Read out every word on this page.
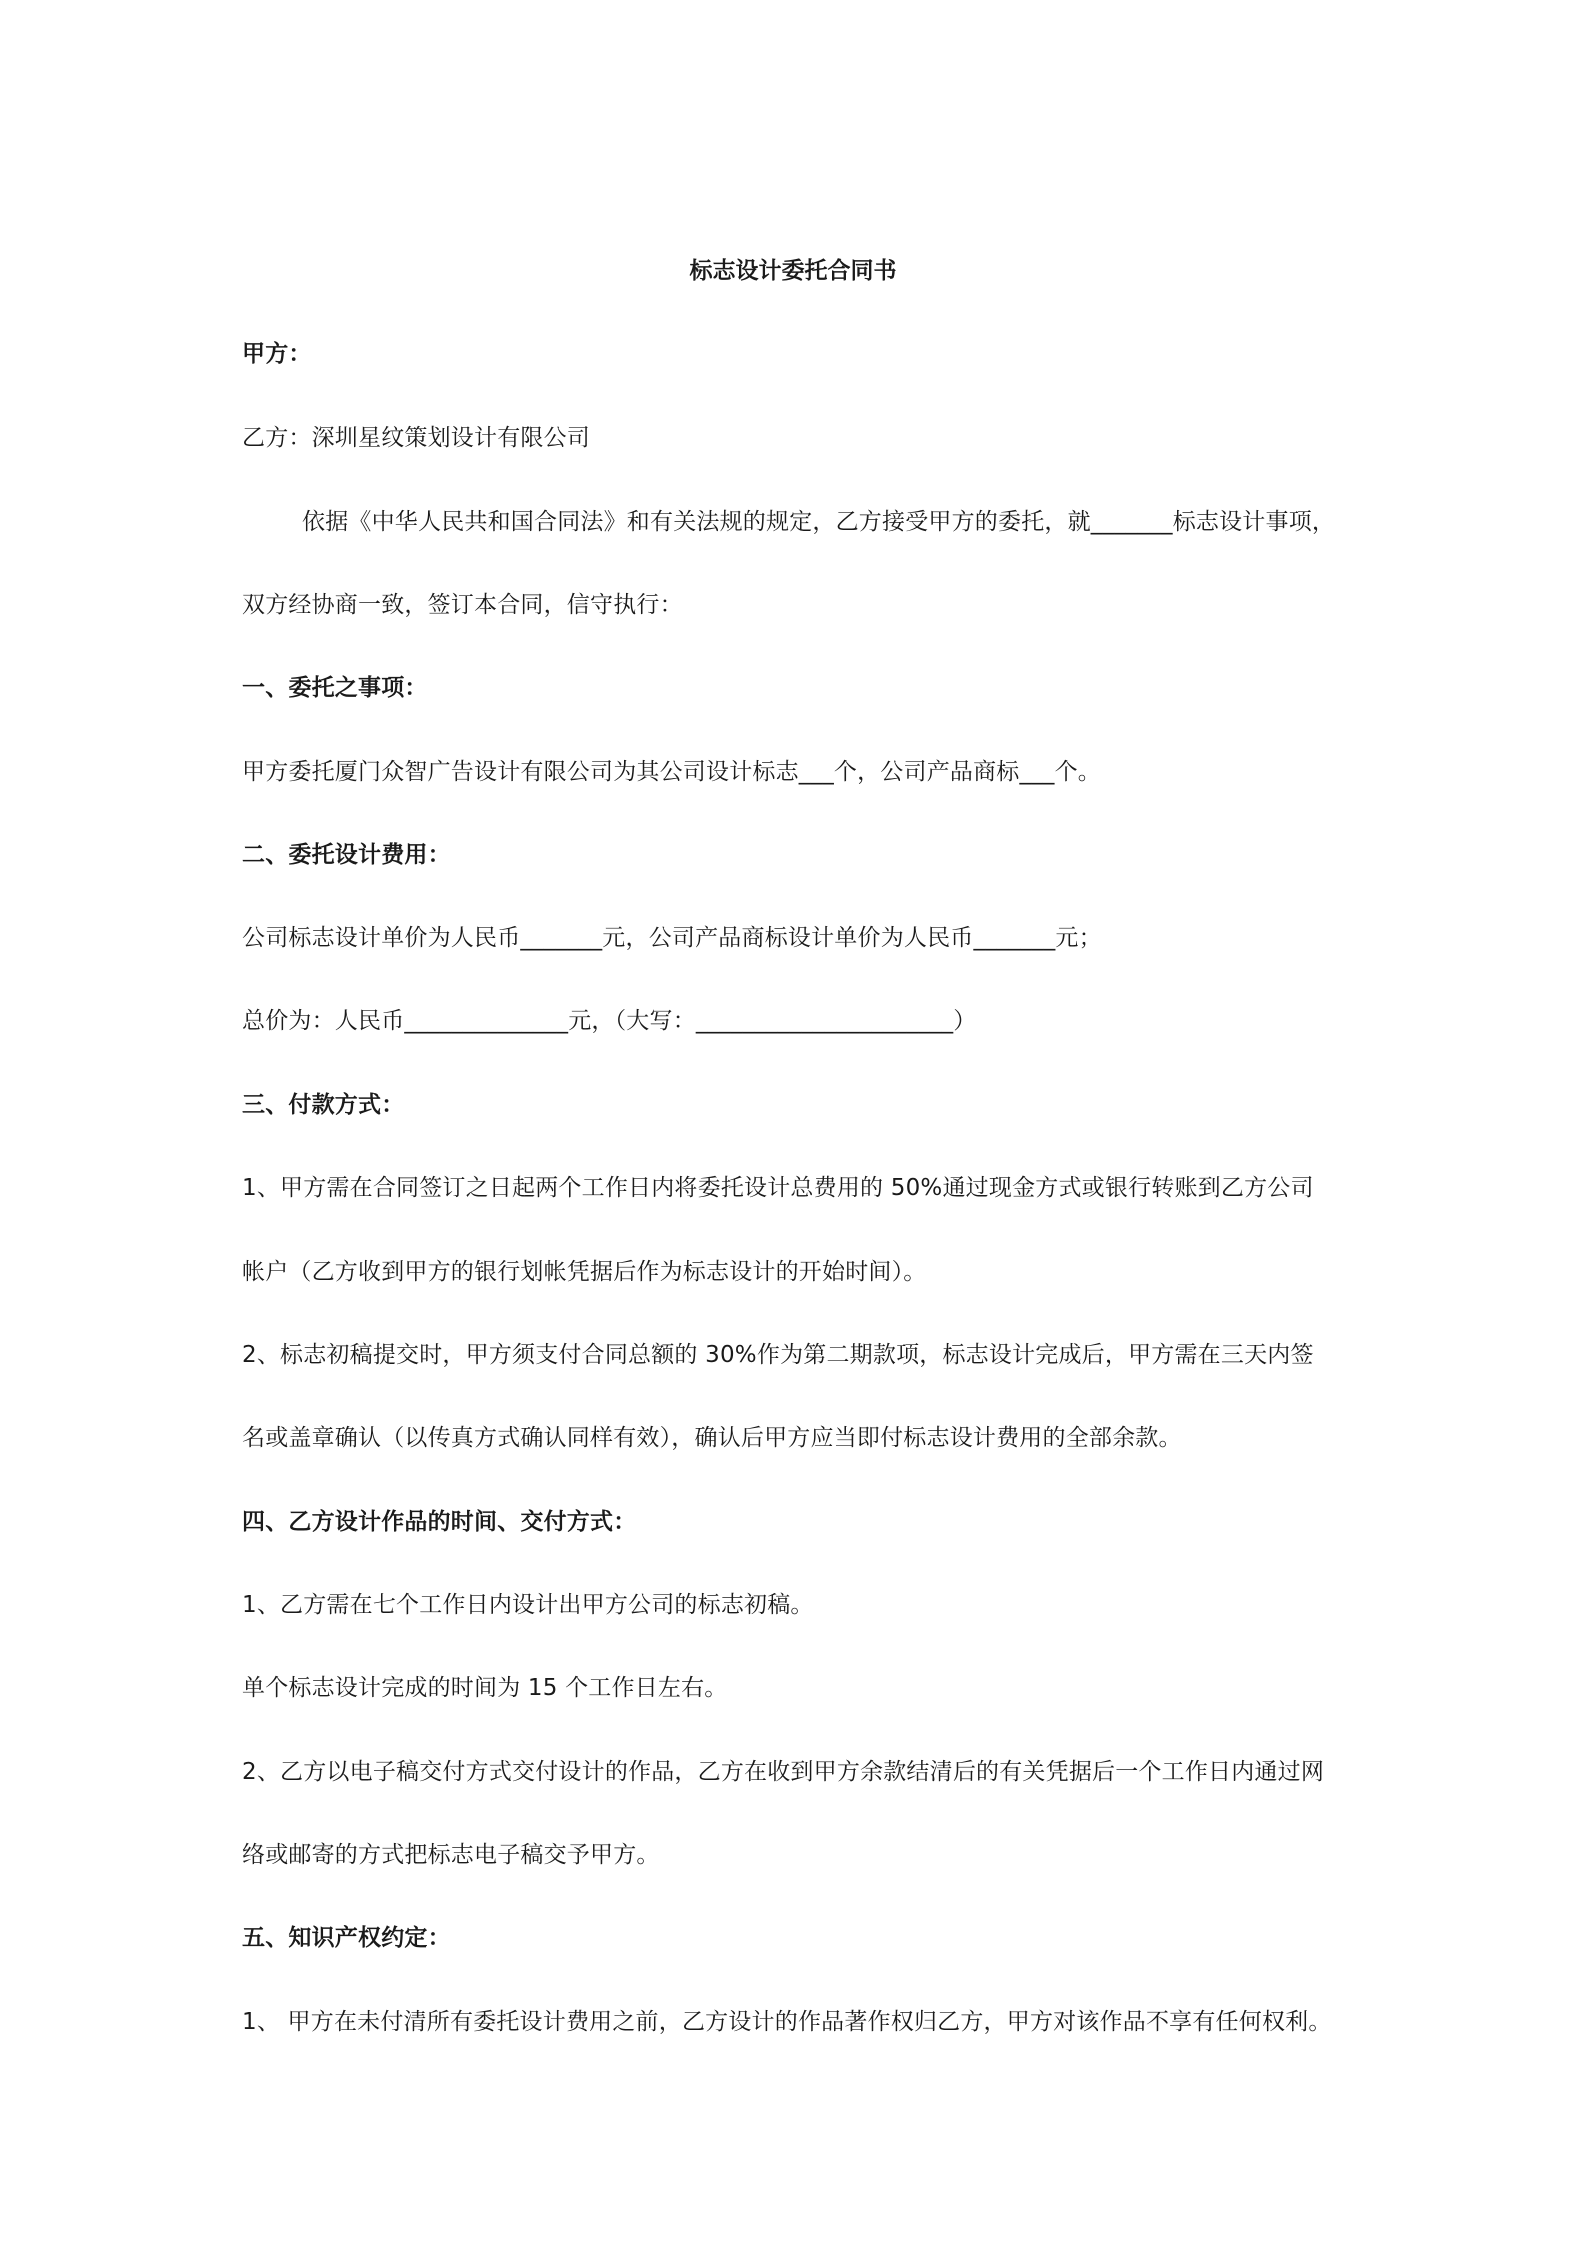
标志设计委托合同书
甲方：
乙方：深圳星纹策划设计有限公司
依据《中华人民共和国合同法》和有关法规的规定，乙方接受甲方的委托，就_______标志设计事项，
双方经协商一致，签订本合同，信守执行：
一、委托之事项：
甲方委托厦门众智广告设计有限公司为其公司设计标志___个，公司产品商标___个。
二、委托设计费用：
公司标志设计单价为人民币_______元，公司产品商标设计单价为人民币_______元；
总价为：人民币______________元，（大写：______________________）
三、付款方式：
1、甲方需在合同签订之日起两个工作日内将委托设计总费用的 50%通过现金方式或银行转账到乙方公司
帐户（乙方收到甲方的银行划帐凭据后作为标志设计的开始时间）。
2、标志初稿提交时，甲方须支付合同总额的 30%作为第二期款项，标志设计完成后，甲方需在三天内签
名或盖章确认（以传真方式确认同样有效），确认后甲方应当即付标志设计费用的全部余款。
四、乙方设计作品的时间、交付方式：
1、乙方需在七个工作日内设计出甲方公司的标志初稿。
单个标志设计完成的时间为 15 个工作日左右。
2、乙方以电子稿交付方式交付设计的作品，乙方在收到甲方余款结清后的有关凭据后一个工作日内通过网
络或邮寄的方式把标志电子稿交予甲方。
五、知识产权约定：
1、 甲方在未付清所有委托设计费用之前，乙方设计的作品著作权归乙方，甲方对该作品不享有任何权利。
